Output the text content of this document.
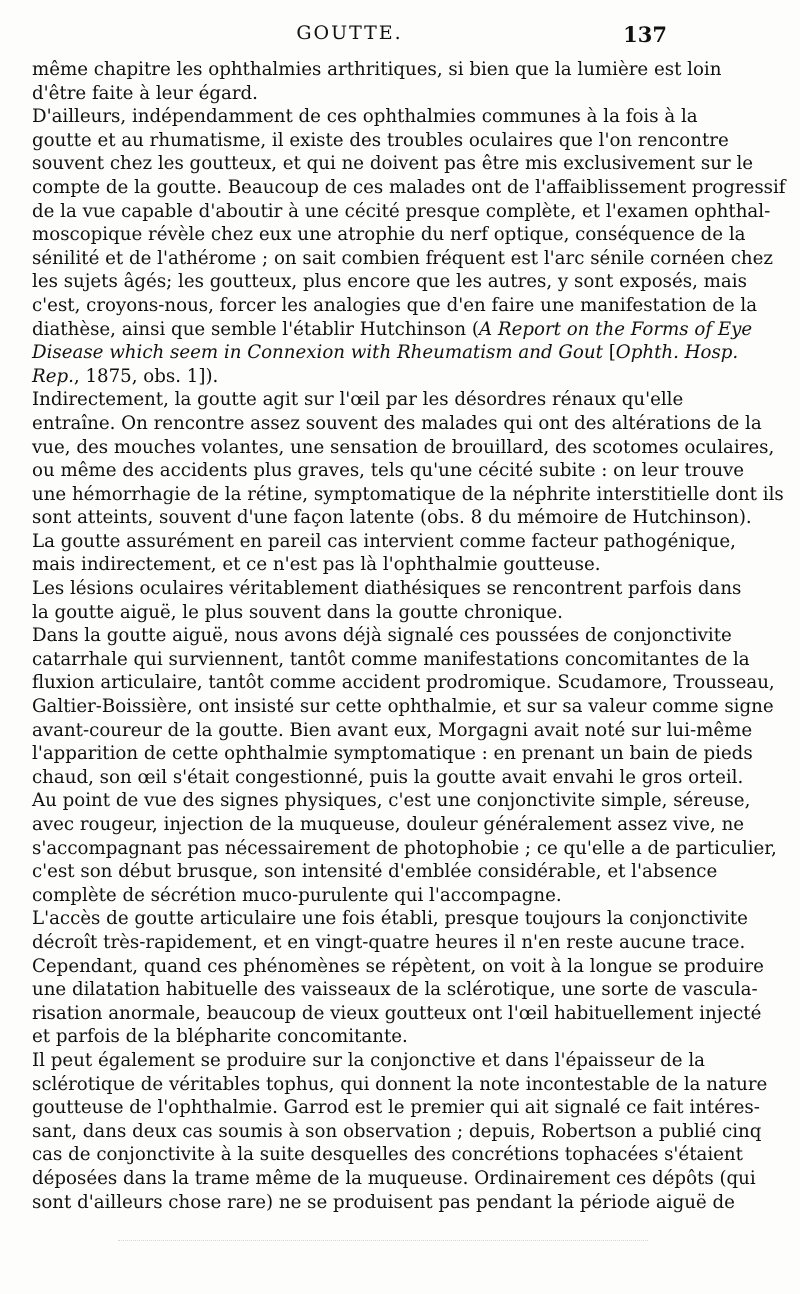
GOUTTE.	137
même chapitre les ophthalmies arthritiques, si bien que la lumière est loin
d'être faite à leur égard.
D'ailleurs, indépendamment de ces ophthalmies communes à la fois à la
goutte et au rhumatisme, il existe des troubles oculaires que l'on rencontre
souvent chez les goutteux, et qui ne doivent pas être mis exclusivement sur le
compte de la goutte. Beaucoup de ces malades ont de l'affaiblissement progressif
de la vue capable d'aboutir à une cécité presque complète, et l'examen ophthal-
moscopique révèle chez eux une atrophie du nerf optique, conséquence de la
sénilité et de l'athérome ; on sait combien fréquent est l'arc sénile cornéen chez
les sujets âgés; les goutteux, plus encore que les autres, y sont exposés, mais
c'est, croyons-nous, forcer les analogies que d'en faire une manifestation de la
diathèse, ainsi que semble l'établir Hutchinson (A Report on the Forms of Eye
Disease which seem in Connexion with Rheumatism and Gout [Ophth. Hosp.
Rep., 1875, obs. 1]).
Indirectement, la goutte agit sur l'œil par les désordres rénaux qu'elle
entraîne. On rencontre assez souvent des malades qui ont des altérations de la
vue, des mouches volantes, une sensation de brouillard, des scotomes oculaires,
ou même des accidents plus graves, tels qu'une cécité subite : on leur trouve
une hémorrhagie de la rétine, symptomatique de la néphrite interstitielle dont ils
sont atteints, souvent d'une façon latente (obs. 8 du mémoire de Hutchinson).
La goutte assurément en pareil cas intervient comme facteur pathogénique,
mais indirectement, et ce n'est pas là l'ophthalmie goutteuse.
Les lésions oculaires véritablement diathésiques se rencontrent parfois dans
la goutte aiguë, le plus souvent dans la goutte chronique.
Dans la goutte aiguë, nous avons déjà signalé ces poussées de conjonctivite
catarrhale qui surviennent, tantôt comme manifestations concomitantes de la
fluxion articulaire, tantôt comme accident prodromique. Scudamore, Trousseau,
Galtier-Boissière, ont insisté sur cette ophthalmie, et sur sa valeur comme signe
avant-coureur de la goutte. Bien avant eux, Morgagni avait noté sur lui-même
l'apparition de cette ophthalmie symptomatique : en prenant un bain de pieds
chaud, son œil s'était congestionné, puis la goutte avait envahi le gros orteil.
Au point de vue des signes physiques, c'est une conjonctivite simple, séreuse,
avec rougeur, injection de la muqueuse, douleur généralement assez vive, ne
s'accompagnant pas nécessairement de photophobie ; ce qu'elle a de particulier,
c'est son début brusque, son intensité d'emblée considérable, et l'absence
complète de sécrétion muco-purulente qui l'accompagne.
L'accès de goutte articulaire une fois établi, presque toujours la conjonctivite
décroît très-rapidement, et en vingt-quatre heures il n'en reste aucune trace.
Cependant, quand ces phénomènes se répètent, on voit à la longue se produire
une dilatation habituelle des vaisseaux de la sclérotique, une sorte de vascula-
risation anormale, beaucoup de vieux goutteux ont l'œil habituellement injecté
et parfois de la blépharite concomitante.
Il peut également se produire sur la conjonctive et dans l'épaisseur de la
sclérotique de véritables tophus, qui donnent la note incontestable de la nature
goutteuse de l'ophthalmie. Garrod est le premier qui ait signalé ce fait intéres-
sant, dans deux cas soumis à son observation ; depuis, Robertson a publié cinq
cas de conjonctivite à la suite desquelles des concrétions tophacées s'étaient
déposées dans la trame même de la muqueuse. Ordinairement ces dépôts (qui
sont d'ailleurs chose rare) ne se produisent pas pendant la période aiguë de
